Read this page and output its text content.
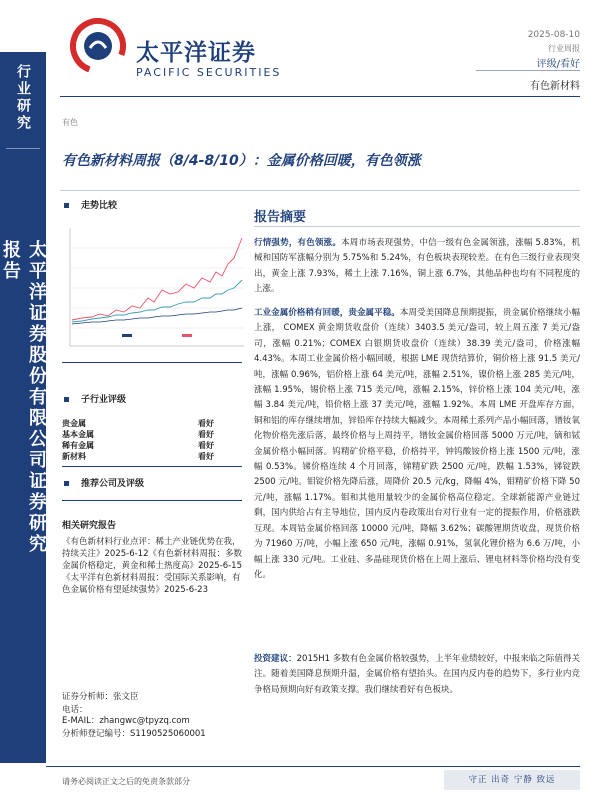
行业研究
太平洋证券股份有限公司证券研究报告
太平洋证券
PACIFIC SECURITIES
2025-08-10
行业周报
评级/看好
有色新材料
有色
有色新材料周报（8/4-8/10）：金属价格回暖，有色领涨
走势比较
子行业评级
贵金属	看好
基本金属	看好
稀有金属	看好
新材料	看好
推荐公司及评级
相关研究报告
《有色新材料行业点评：稀土产业链优势在我，持续关注》2025-6-12《有色新材料周报：多数金属价格稳定，黄金和稀土热度高》2025-6-15《太平洋有色新材料周报：受国际关系影响，有色金属价格有望延续强势》2025-6-23
证券分析师：张文臣
电话：
E-MAIL：zhangwc@tpyzq.com
分析师登记编号：S1190525060001
报告摘要
行情强势，有色领涨。本周市场表现强势，中信一级有色金属领涨，涨幅 5.83%，机械和国防军涨幅分别为 5.75%和 5.24%，有色板块表现较差。在有色三级行业表现突出，黄金上涨 7.93%，稀土上涨 7.16%，铜上涨 6.7%，其他品种也均有不同程度的上涨。
工业金属价格稍有回暖，贵金属平稳。本周受美国降息预期提振，贵金属价格继续小幅上涨， COMEX 黄金期货收盘价（连续）3403.5 美元/盎司，较上周五涨 7 美元/盎司，涨幅 0.21%；COMEX 白银期货收盘价（连续）38.39 美元/盎司，价格涨幅 4.43%。本周工业金属价格小幅回暖，根据 LME 现货结算价，铜价格上涨 91.5 美元/吨，涨幅 0.96%，铝价格上涨 64 美元/吨，涨幅 2.51%，镍价格上涨 285 美元/吨，涨幅 1.95%，锡价格上涨 715 美元/吨，涨幅 2.15%，锌价格上涨 104 美元/吨，涨幅 3.84 美元/吨，铅价格上涨 37 美元/吨，涨幅 1.92%。本周 LME 开盘库存方面，铜和铝的库存继续增加，锌铅库存持续大幅减少。本周稀土系列产品小幅回落，镨钕氧化物价格先涨后落，最终价格与上周持平，镨钕金属价格回落 5000 万元/吨，镝和铽金属价格小幅回落。钨精矿价格平稳，价格持平，钟钨酸铵价格上涨 1500 元/吨，涨幅 0.53%。锑价格连续 4 个月回落，锑精矿跌 2500 元/吨，跌幅 1.53%，锑锭跌 2500 元/吨。钼锭价格先降后涨，周降价 20.5 元/kg，降幅 4%，钼精矿价格下降 50 元/吨，涨幅 1.17%。钼和其他用量较少的金属价格高位稳定。全球新能源产业链过剩，国内供给占有主导地位，国内反内卷政策出台对行业有一定的提振作用，价格涨跌互现。本周钴金属价格回落 10000 元/吨，降幅 3.62%；碳酸锂期货收盘，现货价格为 71960 万/吨，小幅上涨 650 元/吨，涨幅 0.91%，氢氧化锂价格为 6.6 万/吨，小幅上涨 330 元/吨。工业硅、多晶硅现货价格在上周上涨后、锂电材料等价格均没有变化。
投资建议：2015H1 多数有色金属价格较强势，上半年业绩较好，中报来临之际值得关注。随着美国降息预期升温，金属价格有望抬头。在国内反内卷的趋势下，多行业内竞争格局预期向好有政策支撑。我们继续看好有色板块。
请务必阅读正文之后的免责条款部分	守正 出奇 宁静 致远
